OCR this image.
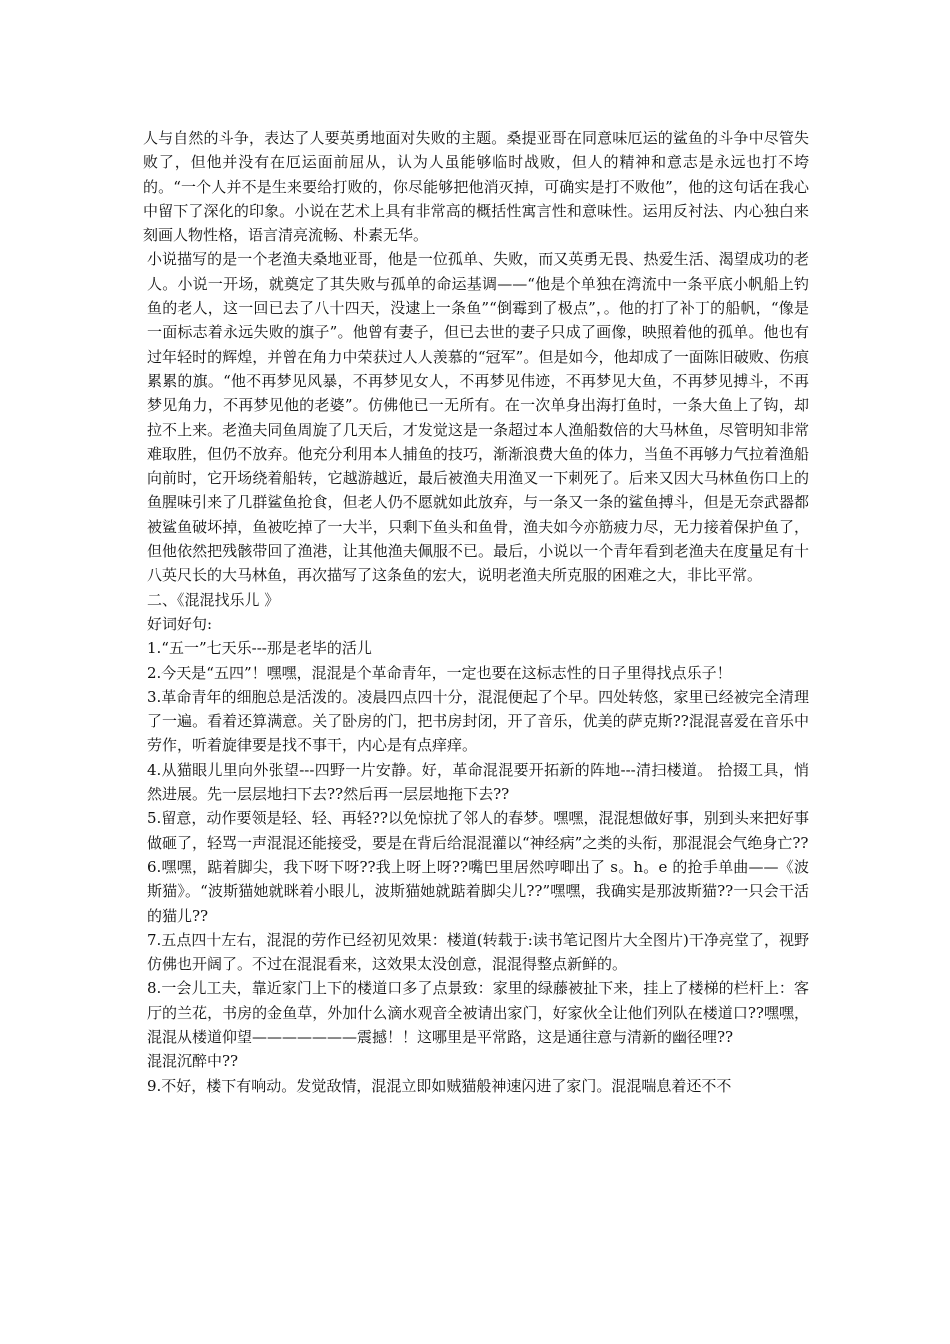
人与自然的斗争，表达了人要英勇地面对失败的主题。桑提亚哥在同意味厄运的鲨鱼的斗争中尽管失败了，但他并没有在厄运面前屈从，认为人虽能够临时战败，但人的精神和意志是永远也打不垮的。“一个人并不是生来要给打败的，你尽能够把他消灭掉，可确实是打不败他”，他的这句话在我心中留下了深化的印象。小说在艺术上具有非常高的概括性寓言性和意味性。运用反衬法、内心独白来刻画人物性格，语言清亮流畅、朴素无华。

小说描写的是一个老渔夫桑地亚哥，他是一位孤单、失败，而又英勇无畏、热爱生活、渴望成功的老人。小说一开场，就奠定了其失败与孤单的命运基调——“他是个单独在湾流中一条平底小帆船上钓鱼的老人，这一回已去了八十四天，没逮上一条鱼”“倒霉到了极点”，。他的打了补丁的船帆，“像是一面标志着永远失败的旗子”。他曾有妻子，但已去世的妻子只成了画像，映照着他的孤单。他也有过年轻时的辉煌，并曾在角力中荣获过人人羡慕的“冠军”。但是如今，他却成了一面陈旧破败、伤痕累累的旗。“他不再梦见风暴，不再梦见女人，不再梦见伟迹，不再梦见大鱼，不再梦见搏斗，不再梦见角力，不再梦见他的老婆”。仿佛他已一无所有。在一次单身出海打鱼时，一条大鱼上了钩，却拉不上来。老渔夫同鱼周旋了几天后，才发觉这是一条超过本人渔船数倍的大马林鱼，尽管明知非常难取胜，但仍不放弃。他充分利用本人捕鱼的技巧，渐渐浪费大鱼的体力，当鱼不再够力气拉着渔船向前时，它开场绕着船转，它越游越近，最后被渔夫用渔叉一下刺死了。后来又因大马林鱼伤口上的鱼腥味引来了几群鲨鱼抢食，但老人仍不愿就如此放弃，与一条又一条的鲨鱼搏斗，但是无奈武器都被鲨鱼破坏掉，鱼被吃掉了一大半，只剩下鱼头和鱼骨，渔夫如今亦筋疲力尽，无力接着保护鱼了，但他依然把残骸带回了渔港，让其他渔夫佩服不已。最后，小说以一个青年看到老渔夫在度量足有十八英尺长的大马林鱼，再次描写了这条鱼的宏大，说明老渔夫所克服的困难之大，非比平常。

二、《混混找乐儿 》

好词好句:

1.“五一”七天乐---那是老毕的活儿

2.今天是“五四”！嘿嘿，混混是个革命青年，一定也要在这标志性的日子里得找点乐子！

3.革命青年的细胞总是活泼的。凌晨四点四十分，混混便起了个早。四处转悠，家里已经被完全清理了一遍。看着还算满意。关了卧房的门，把书房封闭，开了音乐，优美的萨克斯??混混喜爱在音乐中劳作，听着旋律要是找不事干，内心是有点痒痒。

4.从猫眼儿里向外张望---四野一片安静。好，革命混混要开拓新的阵地---清扫楼道。 拾掇工具，悄然进展。先一层层地扫下去??然后再一层层地拖下去??

5.留意，动作要领是轻、轻、再轻??以免惊扰了邻人的春梦。嘿嘿，混混想做好事，别到头来把好事做砸了，轻骂一声混混还能接受，要是在背后给混混灌以“神经病”之类的头衔，那混混会气绝身亡??

6.嘿嘿，踮着脚尖，我下呀下呀??我上呀上呀??嘴巴里居然哼唧出了 s。h。e 的抢手单曲——《波斯猫》。“波斯猫她就眯着小眼儿，波斯猫她就踮着脚尖儿??”嘿嘿，我确实是那波斯猫??一只会干活的猫儿??

7.五点四十左右，混混的劳作已经初见效果：楼道(转载于:读书笔记图片大全图片)干净亮堂了，视野仿佛也开阔了。不过在混混看来，这效果太没创意，混混得整点新鲜的。

8.一会儿工夫，靠近家门上下的楼道口多了点景致：家里的绿藤被扯下来，挂上了楼梯的栏杆上：客厅的兰花，书房的金鱼草，外加什么滴水观音全被请出家门，好家伙全让他们列队在楼道口??嘿嘿，混混从楼道仰望———————震撼！！这哪里是平常路，这是通往意与清新的幽径哩??

混混沉醉中??

9.不好，楼下有响动。发觉敌情，混混立即如贼猫般神速闪进了家门。混混喘息着还不不
